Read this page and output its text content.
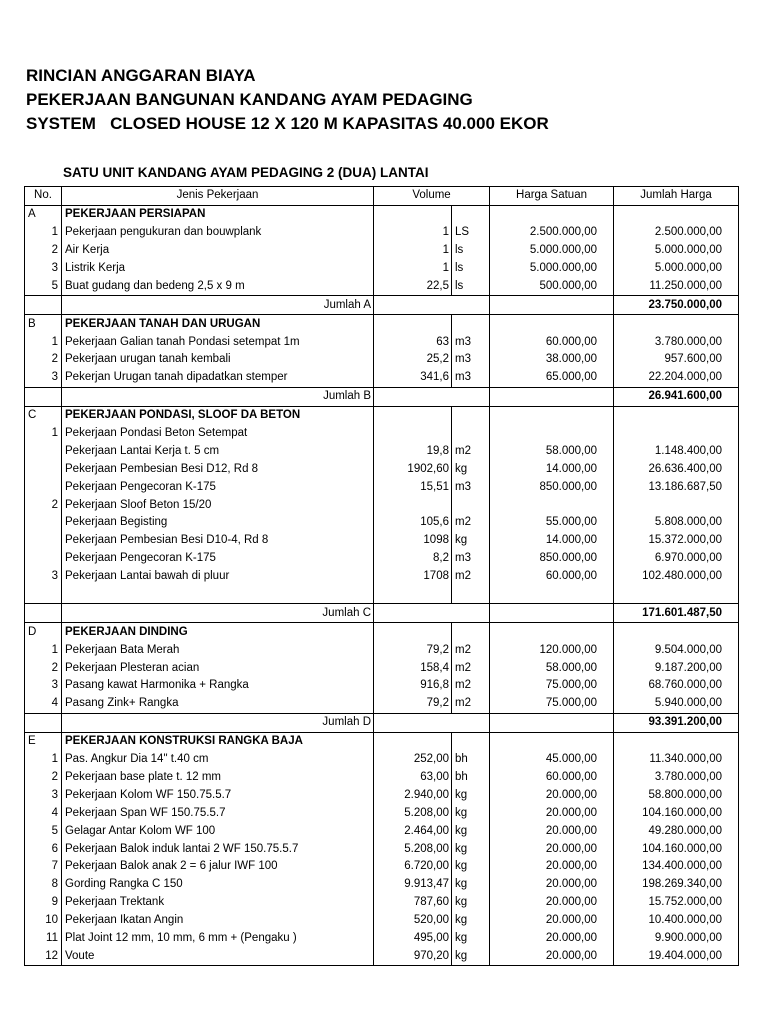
RINCIAN ANGGARAN BIAYA
PEKERJAAN BANGUNAN KANDANG AYAM PEDAGING
SYSTEM   CLOSED HOUSE 12 X 120 M KAPASITAS 40.000 EKOR
SATU UNIT KANDANG AYAM PEDAGING 2 (DUA) LANTAI
No.	Jenis Pekerjaan	Volume		Harga Satuan	Jumlah Harga
A	PEKERJAAN PERSIAPAN				
1	Pekerjaan pengukuran dan bouwplank	1	LS	2.500.000,00	2.500.000,00
2	Air Kerja	1	ls	5.000.000,00	5.000.000,00
3	Listrik Kerja	1	ls	5.000.000,00	5.000.000,00
5	Buat gudang dan bedeng 2,5 x 9 m	22,5	ls	500.000,00	11.250.000,00
	Jumlah A				23.750.000,00
B	PEKERJAAN TANAH DAN URUGAN				
1	Pekerjaan Galian tanah Pondasi setempat 1m	63	m3	60.000,00	3.780.000,00
2	Pekerjaan urugan tanah kembali	25,2	m3	38.000,00	957.600,00
3	Pekerjan Urugan tanah dipadatkan stemper	341,6	m3	65.000,00	22.204.000,00
	Jumlah B				26.941.600,00
C	PEKERJAAN PONDASI, SLOOF DA BETON				
1	Pekerjaan Pondasi Beton Setempat				
	Pekerjaan Lantai Kerja t. 5 cm	19,8	m2	58.000,00	1.148.400,00
	Pekerjaan Pembesian Besi D12, Rd 8	1902,60	kg	14.000,00	26.636.400,00
	Pekerjaan Pengecoran K-175	15,51	m3	850.000,00	13.186.687,50
2	Pekerjaan Sloof Beton 15/20				
	Pekerjaan Begisting	105,6	m2	55.000,00	5.808.000,00
	Pekerjaan Pembesian Besi D10-4, Rd 8	1098	kg	14.000,00	15.372.000,00
	Pekerjaan Pengecoran K-175	8,2	m3	850.000,00	6.970.000,00
3	Pekerjaan Lantai bawah di pluur	1708	m2	60.000,00	102.480.000,00

	Jumlah C				171.601.487,50
D	PEKERJAAN DINDING				
1	Pekerjaan Bata Merah	79,2	m2	120.000,00	9.504.000,00
2	Pekerjaan Plesteran acian	158,4	m2	58.000,00	9.187.200,00
3	Pasang kawat Harmonika + Rangka	916,8	m2	75.000,00	68.760.000,00
4	Pasang Zink+ Rangka	79,2	m2	75.000,00	5.940.000,00
	Jumlah D				93.391.200,00
E	PEKERJAAN KONSTRUKSI RANGKA BAJA				
1	Pas. Angkur Dia 14" t.40 cm	252,00	bh	45.000,00	11.340.000,00
2	Pekerjaan base plate t. 12 mm	63,00	bh	60.000,00	3.780.000,00
3	Pekerjaan Kolom WF 150.75.5.7	2.940,00	kg	20.000,00	58.800.000,00
4	Pekerjaan Span WF 150.75.5.7	5.208,00	kg	20.000,00	104.160.000,00
5	Gelagar Antar Kolom WF 100	2.464,00	kg	20.000,00	49.280.000,00
6	Pekerjaan Balok induk lantai 2 WF 150.75.5.7	5.208,00	kg	20.000,00	104.160.000,00
7	Pekerjaan Balok anak 2 = 6 jalur IWF 100	6.720,00	kg	20.000,00	134.400.000,00
8	Gording Rangka C 150	9.913,47	kg	20.000,00	198.269.340,00
9	Pekerjaan Trektank	787,60	kg	20.000,00	15.752.000,00
10	Pekerjaan Ikatan Angin	520,00	kg	20.000,00	10.400.000,00
11	Plat Joint 12 mm, 10 mm, 6 mm + (Pengaku )	495,00	kg	20.000,00	9.900.000,00
12	Voute	970,20	kg	20.000,00	19.404.000,00
